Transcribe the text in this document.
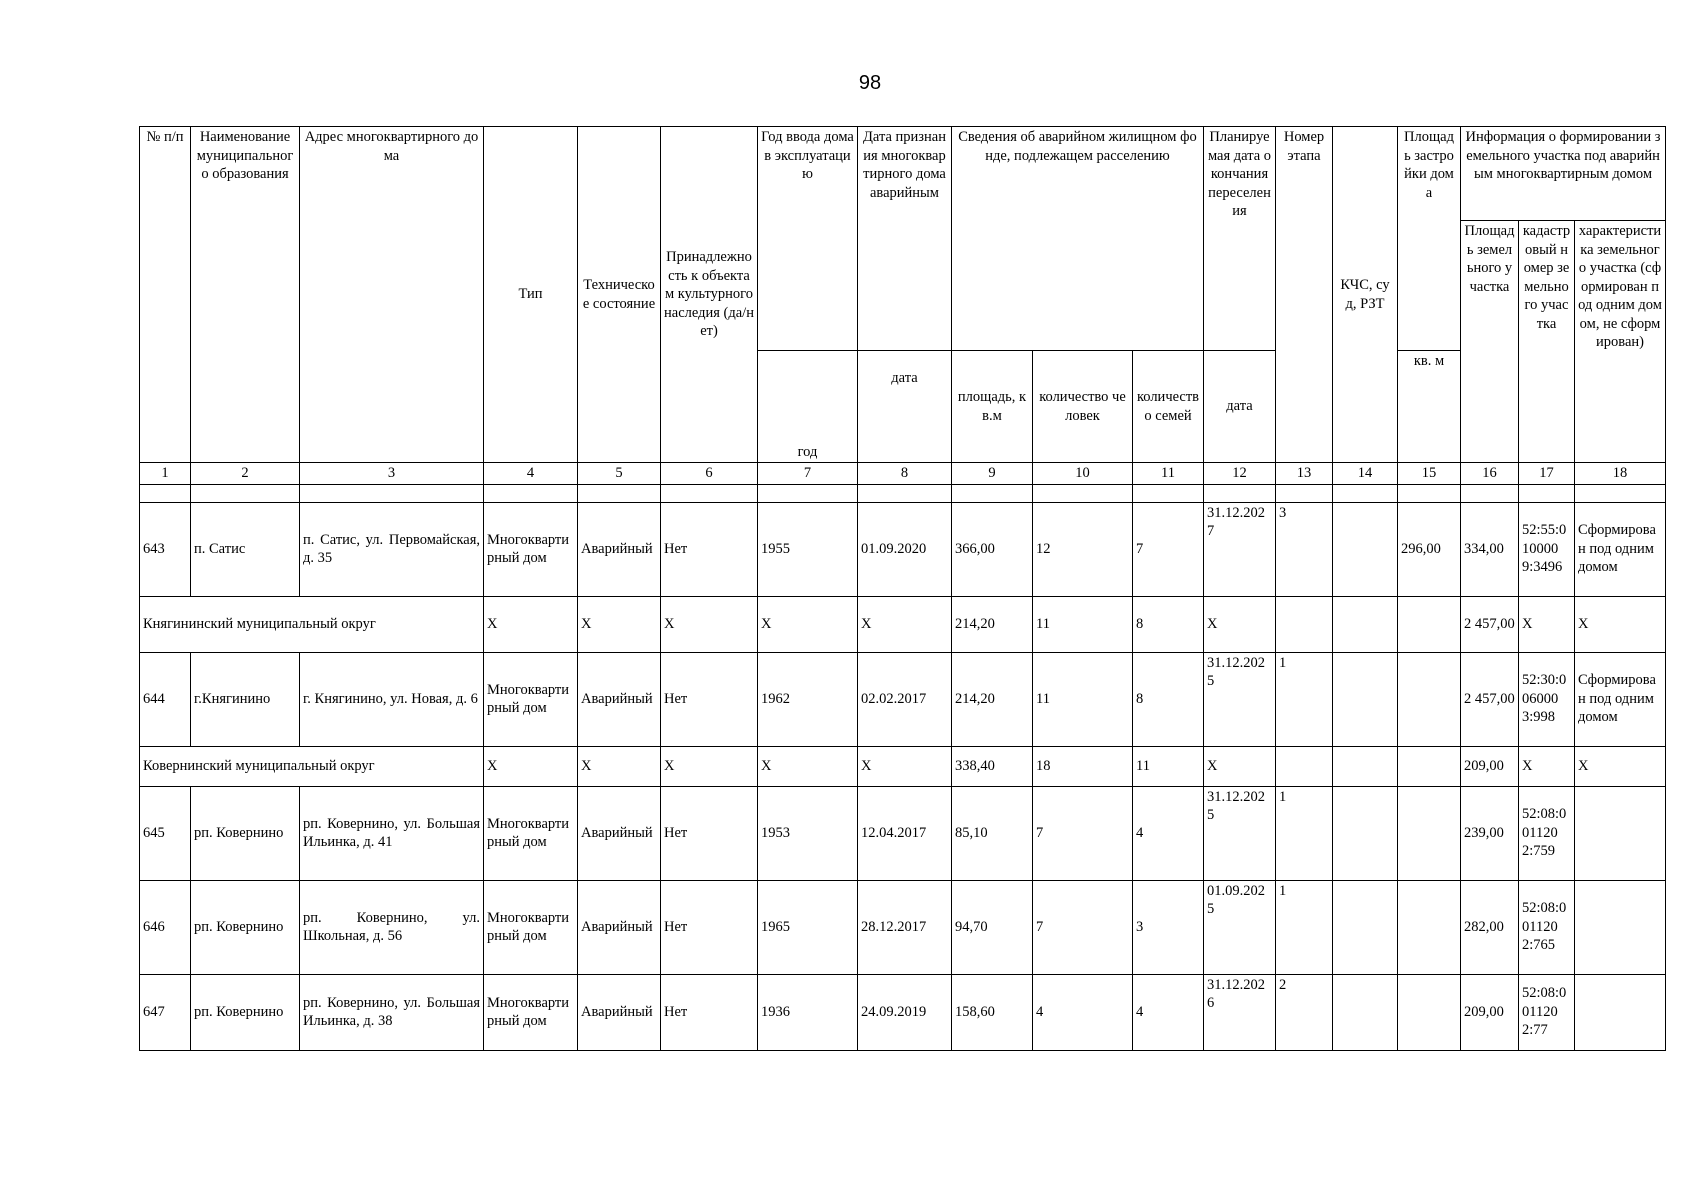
98
№ п/п	Наименование муниципального образования	Адрес многоквартирного дома	Тип	Техническое состояние	Принадлежность к объектам культурного наследия (да/нет)	Год ввода дома в эксплуатацию	Дата признания многоквартирного дома аварийным	Сведения об аварийном жилищном фонде, подлежащем расселению			Планируемая дата окончания переселения	Номер этапа	КЧС, суд, РЗТ	Площадь застройки дома	Информация о формировании земельного участка под аварийным многоквартирным домом		
															Площадь земельного участка	кадастровый номер земельного участка	характеристика земельного участка (сформирован под одним домом, не сформирован)
						год	дата	площадь, кв.м	количество человек	количество семей	дата			кв. м			
1	2	3	4	5	6	7	8	9	10	11	12	13	14	15	16	17	18

643	п. Сатис	п. Сатис, ул. Первомайская, д. 35	Многоквартирный дом	Аварийный	Нет	1955	01.09.2020	366,00	12	7	31.12.2027	3		296,00	334,00	52:55:010000 9:3496	Сформирован под одним домом
Княгининский муниципальный округ			X	X	X	X	X	214,20	11	8	X				2 457,00	X	X
644	г.Княгинино	г. Княгинино, ул. Новая, д. 6	Многоквартирный дом	Аварийный	Нет	1962	02.02.2017	214,20	11	8	31.12.2025	1			2 457,00	52:30:006000 3:998	Сформирован под одним домом
Ковернинский муниципальный округ			X	X	X	X	X	338,40	18	11	X				209,00	X	X
645	рп. Ковернино	рп. Ковернино, ул. Большая Ильинка, д. 41	Многоквартирный дом	Аварийный	Нет	1953	12.04.2017	85,10	7	4	31.12.2025	1			239,00	52:08:001120 2:759	
646	рп. Ковернино	рп. Ковернино, ул. Школьная, д. 56	Многоквартирный дом	Аварийный	Нет	1965	28.12.2017	94,70	7	3	01.09.2025	1			282,00	52:08:001120 2:765	
647	рп. Ковернино	рп. Ковернино, ул. Большая Ильинка, д. 38	Многоквартирный дом	Аварийный	Нет	1936	24.09.2019	158,60	4	4	31.12.2026	2			209,00	52:08:001120 2:77	
